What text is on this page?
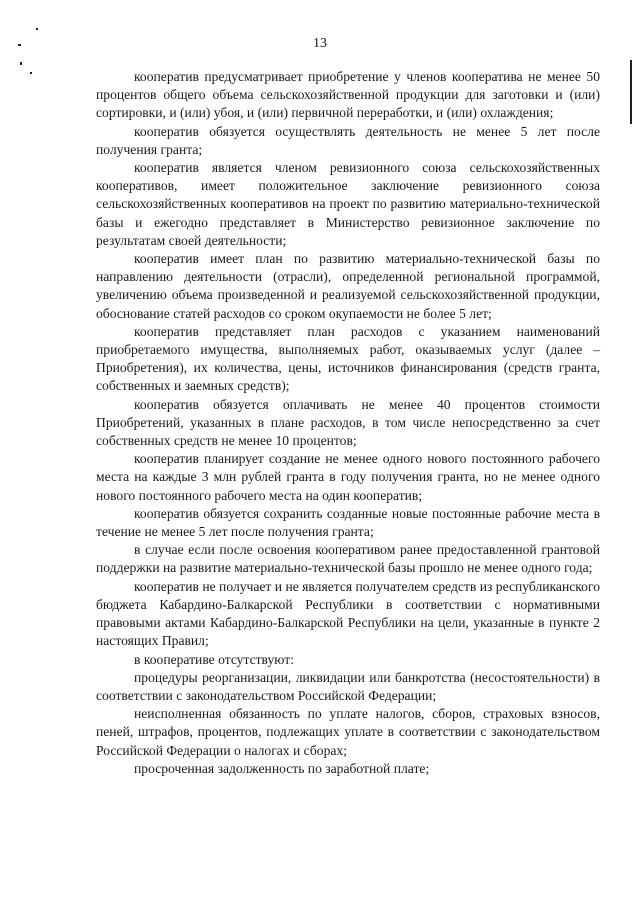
13

кооператив предусматривает приобретение у членов кооператива не менее 50 процентов общего объема сельскохозяйственной продукции для заготовки и (или) сортировки, и (или) убоя, и (или) первичной переработки, и (или) охлаждения;

кооператив обязуется осуществлять деятельность не менее 5 лет после получения гранта;

кооператив является членом ревизионного союза сельскохозяйственных кооперативов, имеет положительное заключение ревизионного союза сельскохозяйственных кооперативов на проект по развитию материально-технической базы и ежегодно представляет в Министерство ревизионное заключение по результатам своей деятельности;

кооператив имеет план по развитию материально-технической базы по направлению деятельности (отрасли), определенной региональной программой, увеличению объема произведенной и реализуемой сельскохозяйственной продукции, обоснование статей расходов со сроком окупаемости не более 5 лет;

кооператив представляет план расходов с указанием наименований приобретаемого имущества, выполняемых работ, оказываемых услуг (далее – Приобретения), их количества, цены, источников финансирования (средств гранта, собственных и заемных средств);

кооператив обязуется оплачивать не менее 40 процентов стоимости Приобретений, указанных в плане расходов, в том числе непосредственно за счет собственных средств не менее 10 процентов;

кооператив планирует создание не менее одного нового постоянного рабочего места на каждые 3 млн рублей гранта в году получения гранта, но не менее одного нового постоянного рабочего места на один кооператив;

кооператив обязуется сохранить созданные новые постоянные рабочие места в течение не менее 5 лет после получения гранта;

в случае если после освоения кооперативом ранее предоставленной грантовой поддержки на развитие материально-технической базы прошло не менее одного года;

кооператив не получает и не является получателем средств из республиканского бюджета Кабардино-Балкарской Республики в соответствии с нормативными правовыми актами Кабардино-Балкарской Республики на цели, указанные в пункте 2 настоящих Правил;

в кооперативе отсутствуют:

процедуры реорганизации, ликвидации или банкротства (несостоятельности) в соответствии с законодательством Российской Федерации;

неисполненная обязанность по уплате налогов, сборов, страховых взносов, пеней, штрафов, процентов, подлежащих уплате в соответствии с законодательством Российской Федерации о налогах и сборах;

просроченная задолженность по заработной плате;
